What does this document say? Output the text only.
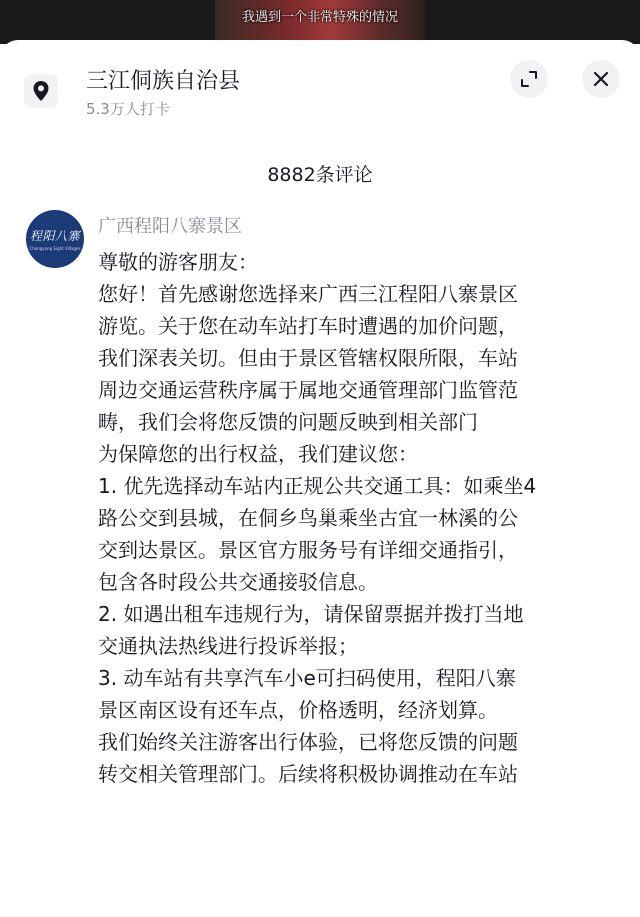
我遇到一个非常特殊的情况
三江侗族自治县
5.3万人打卡
8882条评论
程阳八寨
Chengyang Eight Villages
广西程阳八寨景区
尊敬的游客朋友：
您好！首先感谢您选择来广西三江程阳八寨景区
游览。关于您在动车站打车时遭遇的加价问题，
我们深表关切。但由于景区管辖权限所限，车站
周边交通运营秩序属于属地交通管理部门监管范
畴，我们会将您反馈的问题反映到相关部门
为保障您的出行权益，我们建议您：
1. 优先选择动车站内正规公共交通工具：如乘坐4
路公交到县城，在侗乡鸟巢乘坐古宜一林溪的公
交到达景区。景区官方服务号有详细交通指引，
包含各时段公共交通接驳信息。
2. 如遇出租车违规行为，请保留票据并拨打当地
交通执法热线进行投诉举报；
3. 动车站有共享汽车小e可扫码使用，程阳八寨
景区南区设有还车点，价格透明，经济划算。
我们始终关注游客出行体验，已将您反馈的问题
转交相关管理部门。后续将积极协调推动在车站
